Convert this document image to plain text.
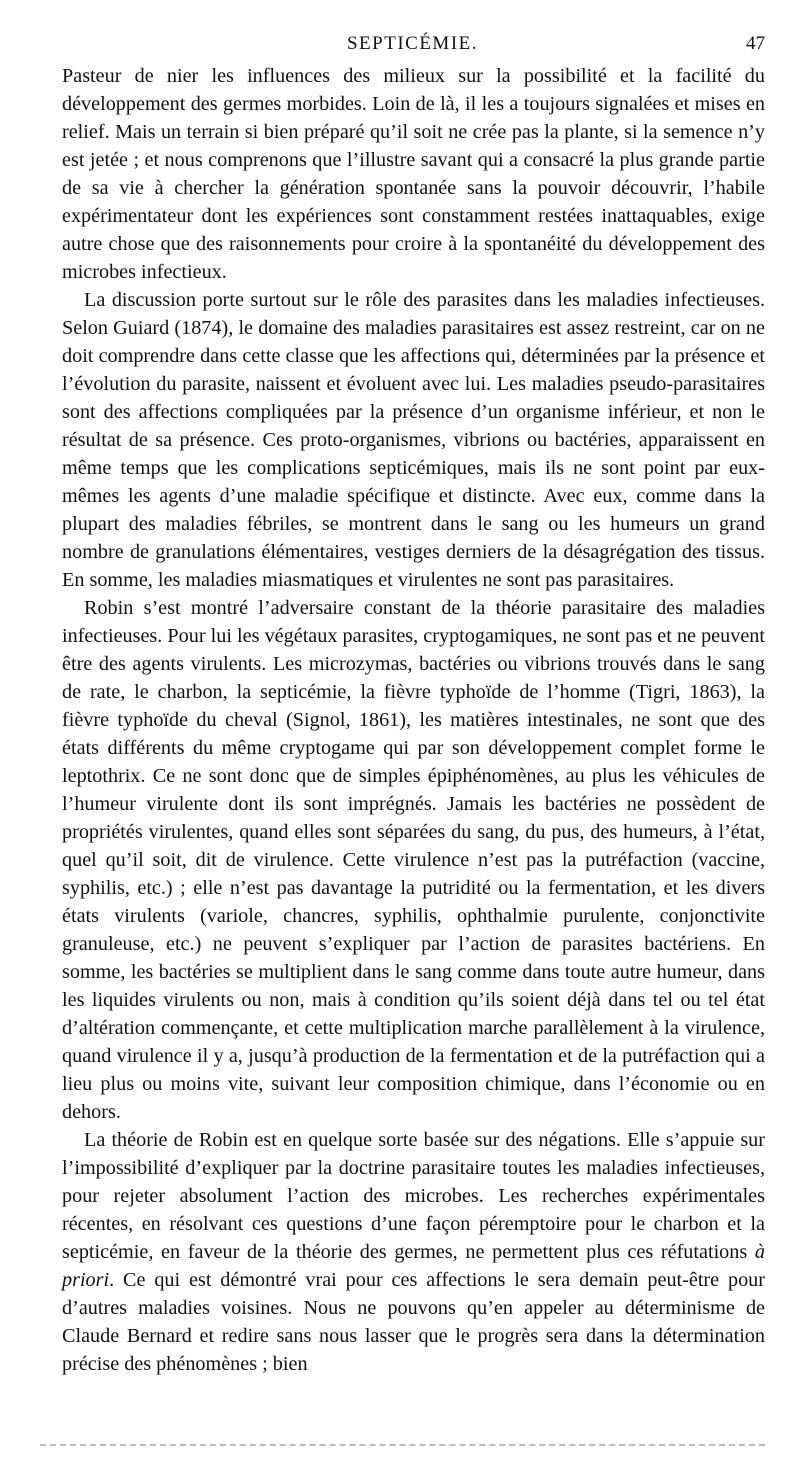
SEPTICÉMIE.	47

Pasteur de nier les influences des milieux sur la possibilité et la facilité du développement des germes morbides. Loin de là, il les a toujours signalées et mises en relief. Mais un terrain si bien préparé qu’il soit ne crée pas la plante, si la semence n’y est jetée ; et nous comprenons que l’illustre savant qui a consacré la plus grande partie de sa vie à chercher la génération spontanée sans la pouvoir découvrir, l’habile expérimentateur dont les expériences sont constamment restées inattaquables, exige autre chose que des raisonnements pour croire à la spontanéité du développement des microbes infectieux.

La discussion porte surtout sur le rôle des parasites dans les maladies infectieuses. Selon Guiard (1874), le domaine des maladies parasitaires est assez restreint, car on ne doit comprendre dans cette classe que les affections qui, déterminées par la présence et l’évolution du parasite, naissent et évoluent avec lui. Les maladies pseudo-parasitaires sont des affections compliquées par la présence d’un organisme inférieur, et non le résultat de sa présence. Ces proto-organismes, vibrions ou bactéries, apparaissent en même temps que les complications septicémiques, mais ils ne sont point par eux-mêmes les agents d’une maladie spécifique et distincte. Avec eux, comme dans la plupart des maladies fébriles, se montrent dans le sang ou les humeurs un grand nombre de granulations élémentaires, vestiges derniers de la désagrégation des tissus. En somme, les maladies miasmatiques et virulentes ne sont pas parasitaires.

Robin s’est montré l’adversaire constant de la théorie parasitaire des maladies infectieuses. Pour lui les végétaux parasites, cryptogamiques, ne sont pas et ne peuvent être des agents virulents. Les microzymas, bactéries ou vibrions trouvés dans le sang de rate, le charbon, la septicémie, la fièvre typhoïde de l’homme (Tigri, 1863), la fièvre typhoïde du cheval (Signol, 1861), les matières intestinales, ne sont que des états différents du même cryptogame qui par son développement complet forme le leptothrix. Ce ne sont donc que de simples épiphénomènes, au plus les véhicules de l’humeur virulente dont ils sont imprégnés. Jamais les bactéries ne possèdent de propriétés virulentes, quand elles sont séparées du sang, du pus, des humeurs, à l’état, quel qu’il soit, dit de virulence. Cette virulence n’est pas la putréfaction (vaccine, syphilis, etc.) ; elle n’est pas davantage la putridité ou la fermentation, et les divers états virulents (variole, chancres, syphilis, ophthalmie purulente, conjonctivite granuleuse, etc.) ne peuvent s’expliquer par l’action de parasites bactériens. En somme, les bactéries se multiplient dans le sang comme dans toute autre humeur, dans les liquides virulents ou non, mais à condition qu’ils soient déjà dans tel ou tel état d’altération commençante, et cette multiplication marche parallèlement à la virulence, quand virulence il y a, jusqu’à production de la fermentation et de la putréfaction qui a lieu plus ou moins vite, suivant leur composition chimique, dans l’économie ou en dehors.

La théorie de Robin est en quelque sorte basée sur des négations. Elle s’appuie sur l’impossibilité d’expliquer par la doctrine parasitaire toutes les maladies infectieuses, pour rejeter absolument l’action des microbes. Les recherches expérimentales récentes, en résolvant ces questions d’une façon péremptoire pour le charbon et la septicémie, en faveur de la théorie des germes, ne permettent plus ces réfutations à priori. Ce qui est démontré vrai pour ces affections le sera demain peut-être pour d’autres maladies voisines. Nous ne pouvons qu’en appeler au déterminisme de Claude Bernard et redire sans nous lasser que le progrès sera dans la détermination précise des phénomènes ; bien
